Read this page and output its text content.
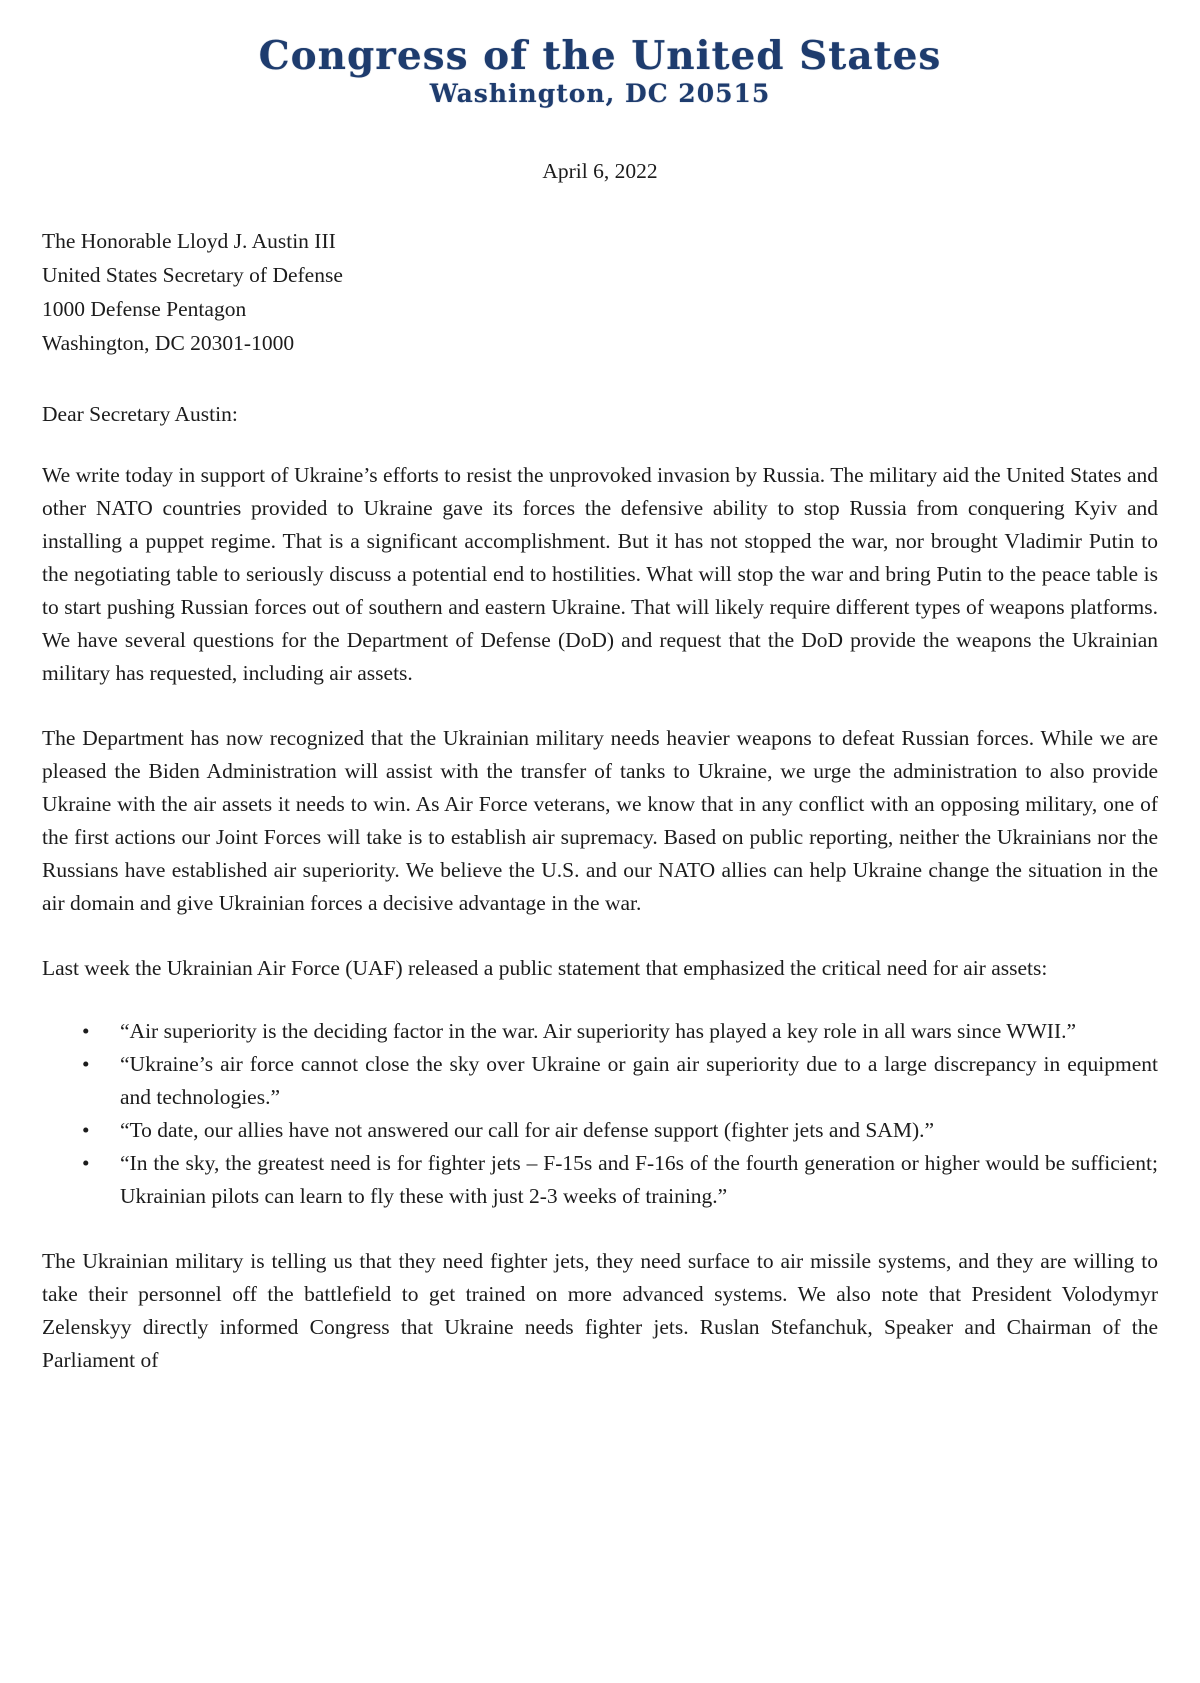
Congress of the United States
Washington, DC 20515
April 6, 2022
The Honorable Lloyd J. Austin III
United States Secretary of Defense
1000 Defense Pentagon
Washington, DC 20301-1000
Dear Secretary Austin:

We write today in support of Ukraine’s efforts to resist the unprovoked invasion by Russia. The military aid the United States and other NATO countries provided to Ukraine gave its forces the defensive ability to stop Russia from conquering Kyiv and installing a puppet regime. That is a significant accomplishment. But it has not stopped the war, nor brought Vladimir Putin to the negotiating table to seriously discuss a potential end to hostilities. What will stop the war and bring Putin to the peace table is to start pushing Russian forces out of southern and eastern Ukraine. That will likely require different types of weapons platforms. We have several questions for the Department of Defense (DoD) and request that the DoD provide the weapons the Ukrainian military has requested, including air assets.

The Department has now recognized that the Ukrainian military needs heavier weapons to defeat Russian forces. While we are pleased the Biden Administration will assist with the transfer of tanks to Ukraine, we urge the administration to also provide Ukraine with the air assets it needs to win. As Air Force veterans, we know that in any conflict with an opposing military, one of the first actions our Joint Forces will take is to establish air supremacy. Based on public reporting, neither the Ukrainians nor the Russians have established air superiority. We believe the U.S. and our NATO allies can help Ukraine change the situation in the air domain and give Ukrainian forces a decisive advantage in the war.

Last week the Ukrainian Air Force (UAF) released a public statement that emphasized the critical need for air assets:

• “Air superiority is the deciding factor in the war. Air superiority has played a key role in all wars since WWII.”
• “Ukraine’s air force cannot close the sky over Ukraine or gain air superiority due to a large discrepancy in equipment and technologies.”
• “To date, our allies have not answered our call for air defense support (fighter jets and SAM).”
• “In the sky, the greatest need is for fighter jets – F-15s and F-16s of the fourth generation or higher would be sufficient; Ukrainian pilots can learn to fly these with just 2-3 weeks of training.”

The Ukrainian military is telling us that they need fighter jets, they need surface to air missile systems, and they are willing to take their personnel off the battlefield to get trained on more advanced systems. We also note that President Volodymyr Zelenskyy directly informed Congress that Ukraine needs fighter jets. Ruslan Stefanchuk, Speaker and Chairman of the Parliament of
